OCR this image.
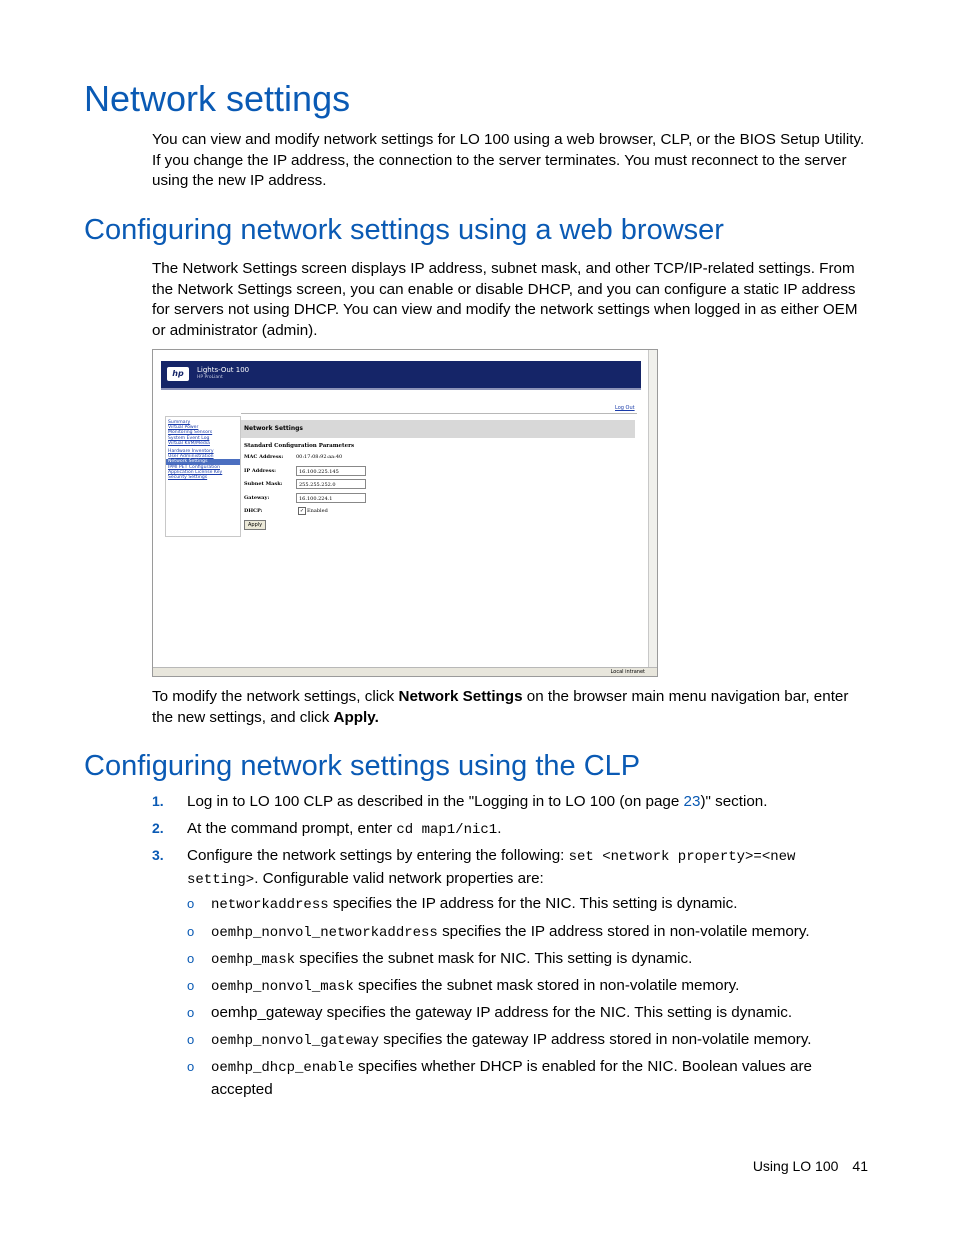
Network settings
You can view and modify network settings for LO 100 using a web browser, CLP, or the BIOS Setup Utility. If you change the IP address, the connection to the server terminates. You must reconnect to the server using the new IP address.
Configuring network settings using a web browser
The Network Settings screen displays IP address, subnet mask, and other TCP/IP-related settings. From the Network Settings screen, you can enable or disable DHCP, and you can configure a static IP address for servers not using DHCP. You can view and modify the network settings when logged in as either OEM or administrator (admin).
hp	Lights-Out 100
HP ProLiant
Log Out
Summary
Virtual Power
Monitoring Sensors
System Event Log
Virtual KVM/Media
Hardware Inventory
User Administration
Network Settings
IPMI PET Configuration
Application License Key
Security Settings
Network Settings
Standard Configuration Parameters
MAC Address:	00:17:08:92:aa:40
IP Address:	16.100.225.145
Subnet Mask:	255.255.252.0
Gateway:	16.100.224.1
DHCP:	✓ Enabled
Apply
Local intranet
To modify the network settings, click Network Settings on the browser main menu navigation bar, enter the new settings, and click Apply.
Configuring network settings using the CLP
1. Log in to LO 100 CLP as described in the "Logging in to LO 100 (on page 23)" section.
2. At the command prompt, enter cd map1/nic1.
3. Configure the network settings by entering the following: set <network property>=<new setting>. Configurable valid network properties are:
o networkaddress specifies the IP address for the NIC. This setting is dynamic.
o oemhp_nonvol_networkaddress specifies the IP address stored in non-volatile memory.
o oemhp_mask specifies the subnet mask for NIC. This setting is dynamic.
o oemhp_nonvol_mask specifies the subnet mask stored in non-volatile memory.
o oemhp_gateway specifies the gateway IP address for the NIC. This setting is dynamic.
o oemhp_nonvol_gateway specifies the gateway IP address stored in non-volatile memory.
o oemhp_dhcp_enable specifies whether DHCP is enabled for the NIC. Boolean values are accepted
Using LO 100 41
